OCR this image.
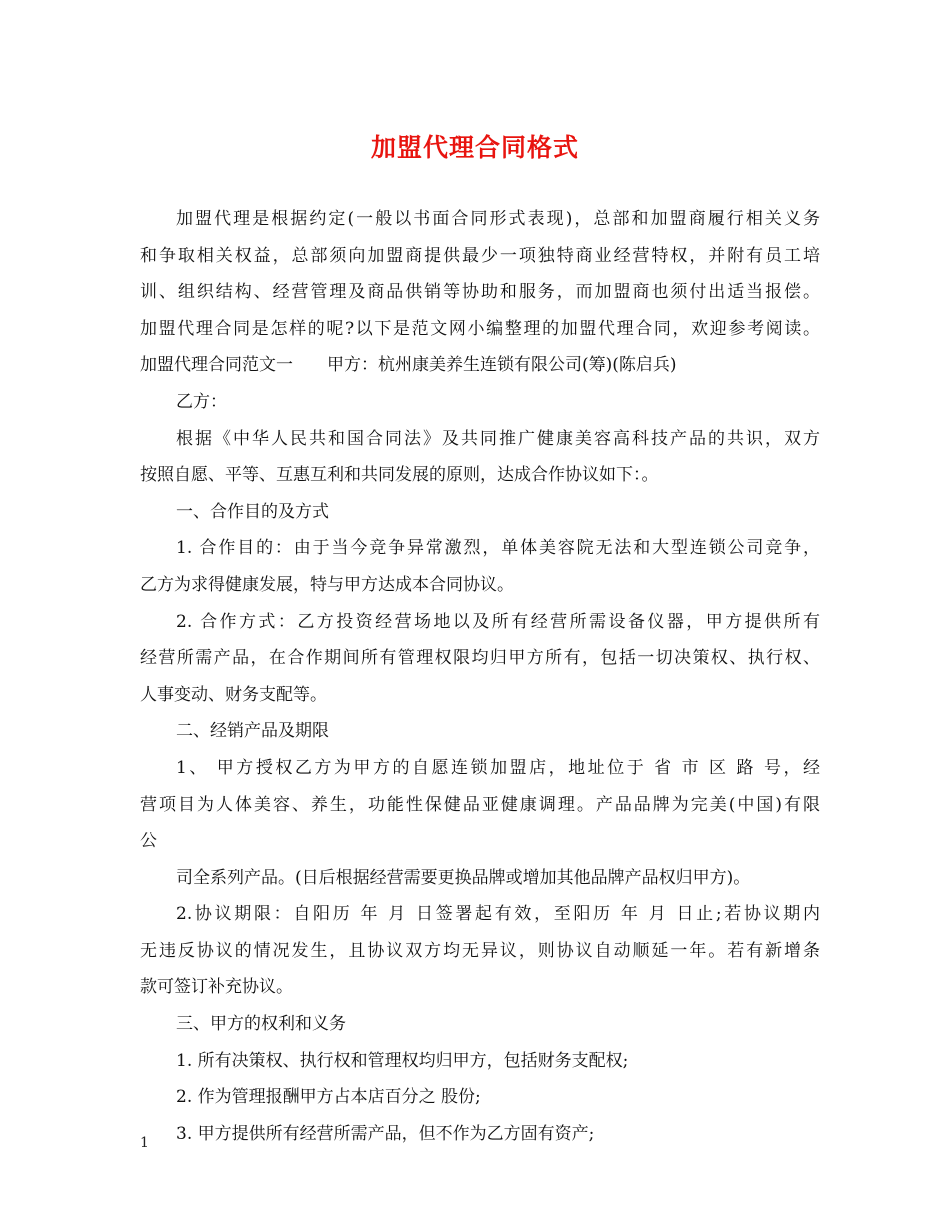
加盟代理合同格式
加盟代理是根据约定(一般以书面合同形式表现)，总部和加盟商履行相关义务
和争取相关权益，总部须向加盟商提供最少一项独特商业经营特权，并附有员工培
训、组织结构、经营管理及商品供销等协助和服务，而加盟商也须付出适当报偿。
加盟代理合同是怎样的呢?以下是范文网小编整理的加盟代理合同，欢迎参考阅读。
加盟代理合同范文一　　甲方：杭州康美养生连锁有限公司(筹)(陈启兵)
乙方：
根据《中华人民共和国合同法》及共同推广健康美容高科技产品的共识，双方
按照自愿、平等、互惠互利和共同发展的原则，达成合作协议如下：。
一、合作目的及方式
1. 合作目的：由于当今竞争异常激烈，单体美容院无法和大型连锁公司竞争，
乙方为求得健康发展，特与甲方达成本合同协议。
2. 合作方式：乙方投资经营场地以及所有经营所需设备仪器，甲方提供所有
经营所需产品，在合作期间所有管理权限均归甲方所有，包括一切决策权、执行权、
人事变动、财务支配等。
二、经销产品及期限
1、 甲方授权乙方为甲方的自愿连锁加盟店，地址位于 省 市 区 路 号，经
营项目为人体美容、养生，功能性保健品亚健康调理。产品品牌为完美(中国)有限
公
司全系列产品。(日后根据经营需要更换品牌或增加其他品牌产品权归甲方)。
2.协议期限：自阳历 年 月 日签署起有效，至阳历 年 月 日止;若协议期内
无违反协议的情况发生，且协议双方均无异议，则协议自动顺延一年。若有新增条
款可签订补充协议。
三、甲方的权利和义务
1. 所有决策权、执行权和管理权均归甲方，包括财务支配权;
2. 作为管理报酬甲方占本店百分之 股份;
3. 甲方提供所有经营所需产品，但不作为乙方固有资产;
1
